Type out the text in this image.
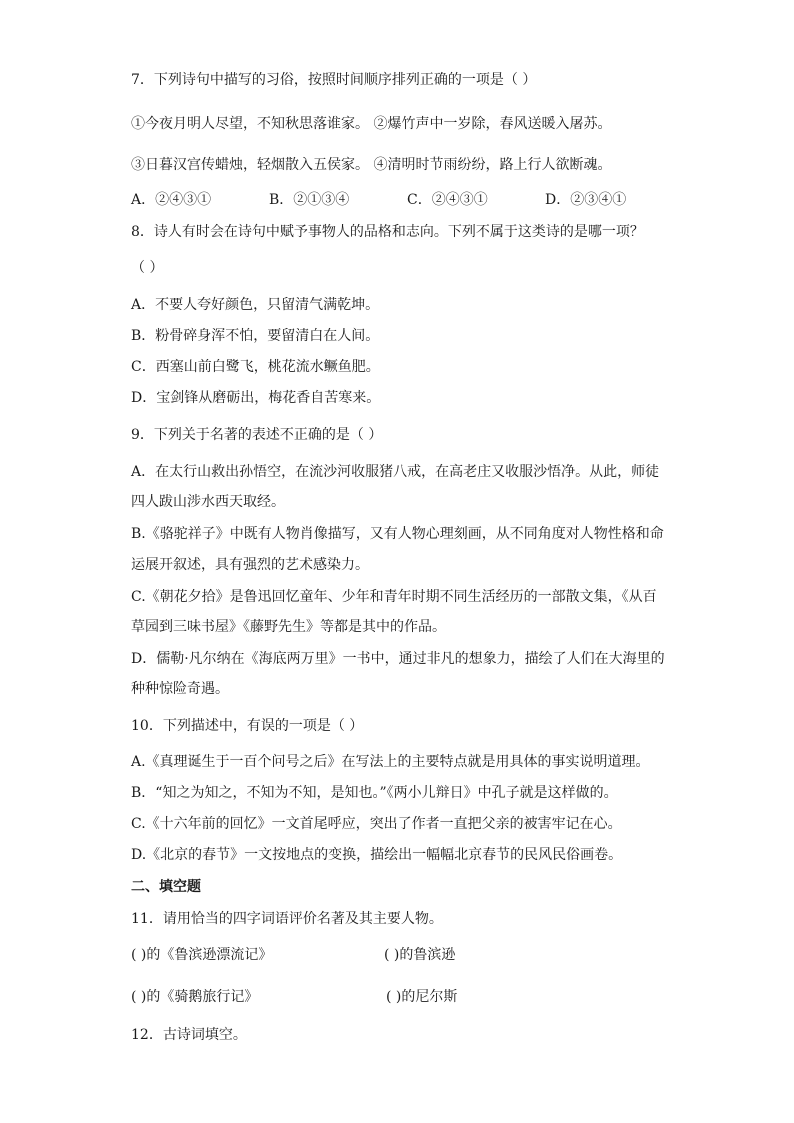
7．下列诗句中描写的习俗，按照时间顺序排列正确的一项是（ ）
①今夜月明人尽望，不知秋思落谁家。 ②爆竹声中一岁除，春风送暖入屠苏。
③日暮汉宫传蜡烛，轻烟散入五侯家。 ④清明时节雨纷纷，路上行人欲断魂。
A．②④③①	B．②①③④	C．②④③①	D．②③④①
8．诗人有时会在诗句中赋予事物人的品格和志向。下列不属于这类诗的是哪一项？
（ ）
A．不要人夸好颜色，只留清气满乾坤。
B．粉骨碎身浑不怕，要留清白在人间。
C．西塞山前白鹭飞，桃花流水鳜鱼肥。
D．宝剑锋从磨砺出，梅花香自苦寒来。
9．下列关于名著的表述不正确的是（ ）
A．在太行山救出孙悟空，在流沙河收服猪八戒，在高老庄又收服沙悟净。从此，师徒
四人跋山涉水西天取经。
B.《骆驼祥子》中既有人物肖像描写，又有人物心理刻画，从不同角度对人物性格和命
运展开叙述，具有强烈的艺术感染力。
C.《朝花夕拾》是鲁迅回忆童年、少年和青年时期不同生活经历的一部散文集，《从百
草园到三味书屋》《藤野先生》等都是其中的作品。
D．儒勒·凡尔纳在《海底两万里》一书中，通过非凡的想象力，描绘了人们在大海里的
种种惊险奇遇。
10．下列描述中，有误的一项是（ ）
A.《真理诞生于一百个问号之后》在写法上的主要特点就是用具体的事实说明道理。
B．“知之为知之，不知为不知，是知也。”《两小儿辩日》中孔子就是这样做的。
C.《十六年前的回忆》一文首尾呼应，突出了作者一直把父亲的被害牢记在心。
D.《北京的春节》一文按地点的变换，描绘出一幅幅北京春节的民风民俗画卷。
二、填空题
11．请用恰当的四字词语评价名著及其主要人物。
( )的《鲁滨逊漂流记》	( )的鲁滨逊
( )的《骑鹅旅行记》	( )的尼尔斯
12．古诗词填空。
